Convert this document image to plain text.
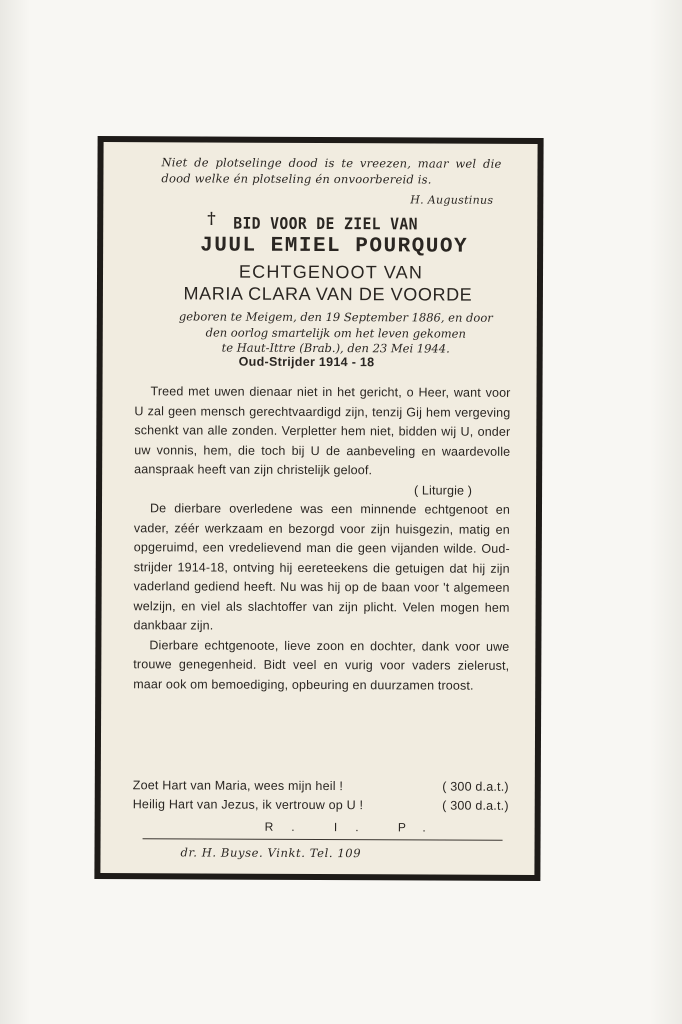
Niet de plotselinge dood is te vreezen, maar wel die dood welke én plotseling én onvoorbereid is.
H. Augustinus
† BID VOOR DE ZIEL VAN
JUUL EMIEL POURQUOY
ECHTGENOOT VAN
MARIA CLARA VAN DE VOORDE
geboren te Meigem, den 19 September 1886, en door
den oorlog smartelijk om het leven gekomen
te Haut-Ittre (Brab.), den 23 Mei 1944.
Oud-Strijder 1914 - 18

Treed met uwen dienaar niet in het gericht, o Heer, want voor U zal geen mensch gerechtvaardigd zijn, tenzij Gij hem vergeving schenkt van alle zonden. Verpletter hem niet, bidden wij U, onder uw vonnis, hem, die toch bij U de aanbeveling en waardevolle aanspraak heeft van zijn christelijk geloof.

( Liturgie )

De dierbare overledene was een minnende echtgenoot en vader, zéér werkzaam en bezorgd voor zijn huisgezin, matig en opgeruimd, een vredelievend man die geen vijanden wilde. Oud-strijder 1914-18, ontving hij eereteekens die getuigen dat hij zijn vaderland gediend heeft. Nu was hij op de baan voor 't algemeen welzijn, en viel als slachtoffer van zijn plicht. Velen mogen hem dankbaar zijn.

Dierbare echtgenoote, lieve zoon en dochter, dank voor uwe trouwe genegenheid. Bidt veel en vurig voor vaders zielerust, maar ook om bemoediging, opbeuring en duurzamen troost.

Zoet Hart van Maria, wees mijn heil !	( 300 d.a.t.)
Heilig Hart van Jezus, ik vertrouw op U !	( 300 d.a.t.)
R. I. P.
dr. H. Buyse. Vinkt. Tel. 109
